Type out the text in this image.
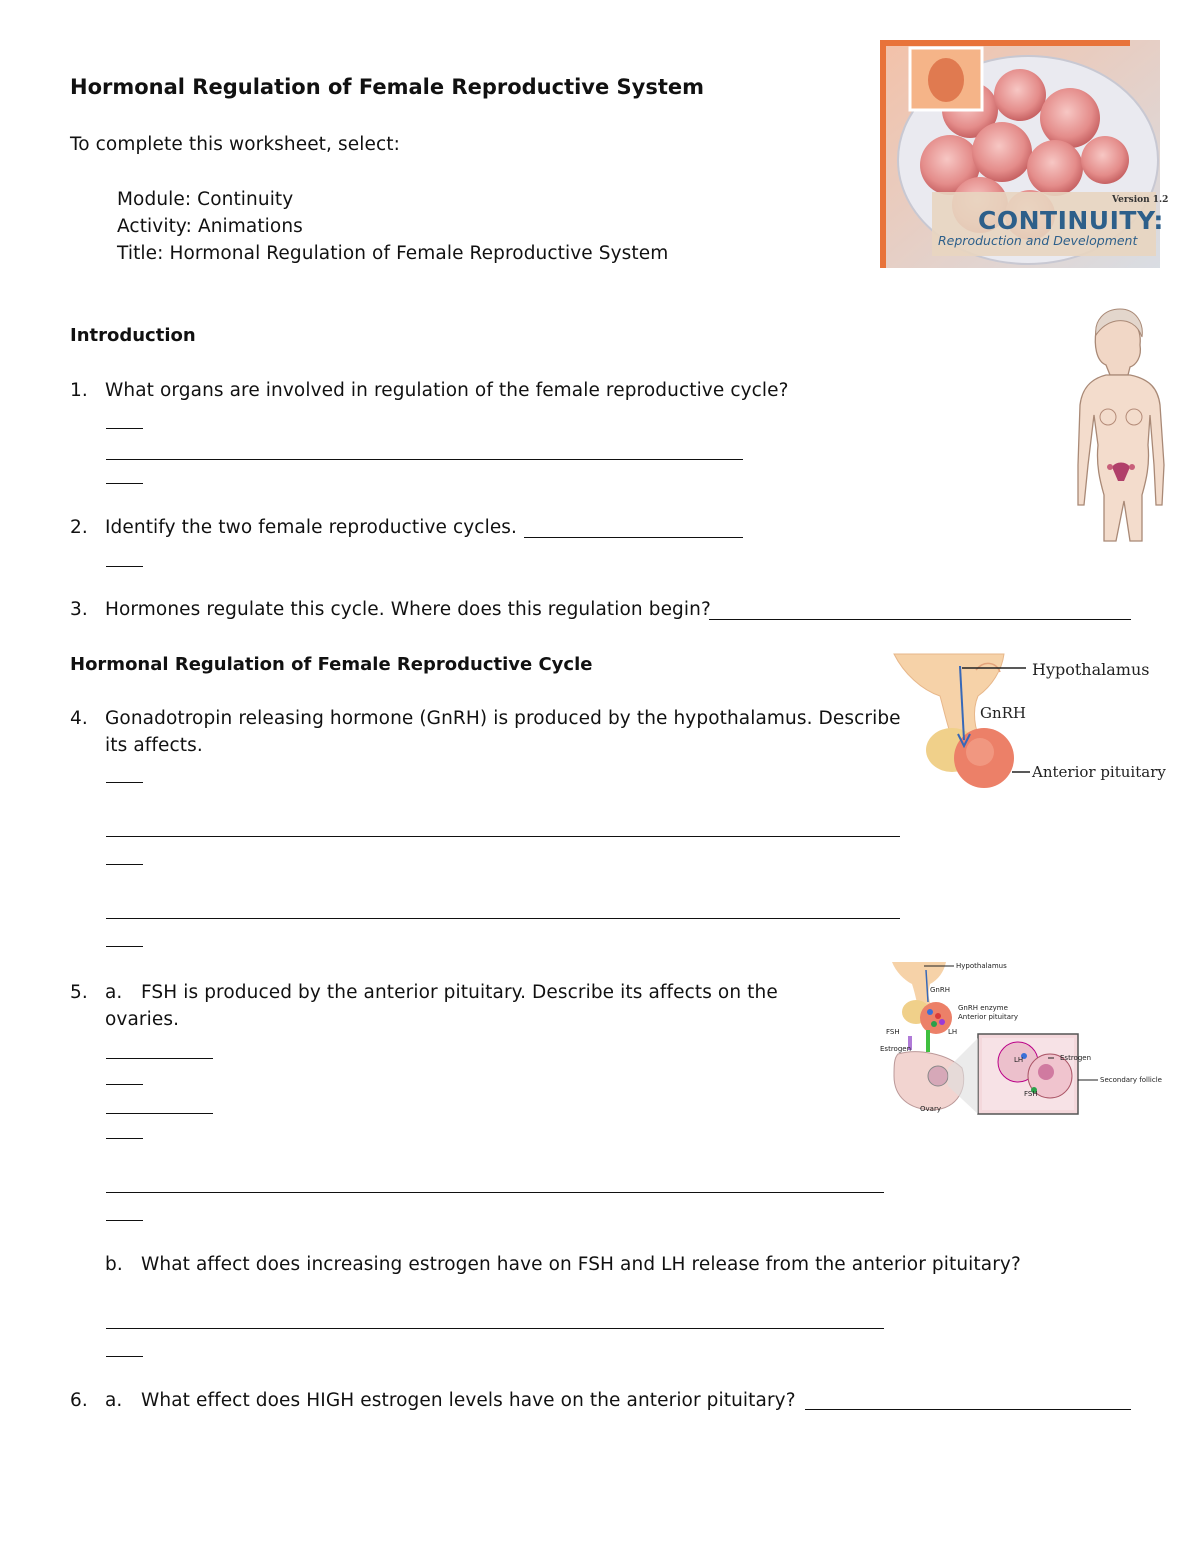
Hormonal Regulation of Female Reproductive System
To complete this worksheet, select:
Module: Continuity
Activity: Animations
Title: Hormonal Regulation of Female Reproductive System
Version 1.2
CONTINUITY:
Reproduction and Development
Introduction
1. What organs are involved in regulation of the female reproductive cycle?
2. Identify the two female reproductive cycles.
3. Hormones regulate this cycle. Where does this regulation begin?
Hormonal Regulation of Female Reproductive Cycle
4. Gonadotropin releasing hormone (GnRH) is produced by the hypothalamus. Describe
its affects.
Hypothalamus
GnRH
Anterior pituitary
5. a. FSH is produced by the anterior pituitary. Describe its affects on the
ovaries.
Hypothalamus
GnRH
GnRH enzyme
Anterior pituitary
LH
FSH
Estrogen
Estrogen
LH
FSH
Secondary follicle
Ovary
b. What affect does increasing estrogen have on FSH and LH release from the anterior pituitary?
6. a. What effect does HIGH estrogen levels have on the anterior pituitary?
